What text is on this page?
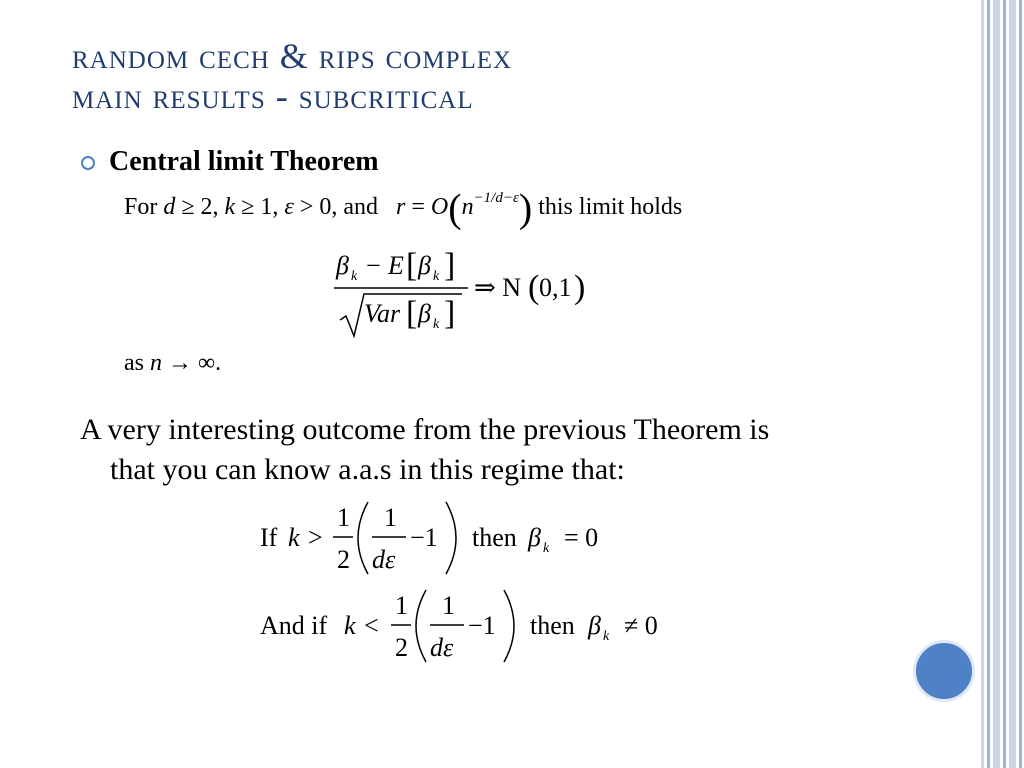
random cech & rips complex
main results - subcritical
Central limit Theorem
For d ≥ 2, k ≥ 1, ε > 0, and  $r = O(n^{-1/d-\varepsilon})$ this limit holds
β k − E [ β k ]
Var [ β k ]
⇒ N ( 0,1 )
as n → ∞.
A very interesting outcome from the previous Theorem is
that you can know a.a.s in this regime that:
If k >
1
2
1
dε
−1 then β k = 0
And if k <
1
2
1
dε
−1 then β k ≠ 0
